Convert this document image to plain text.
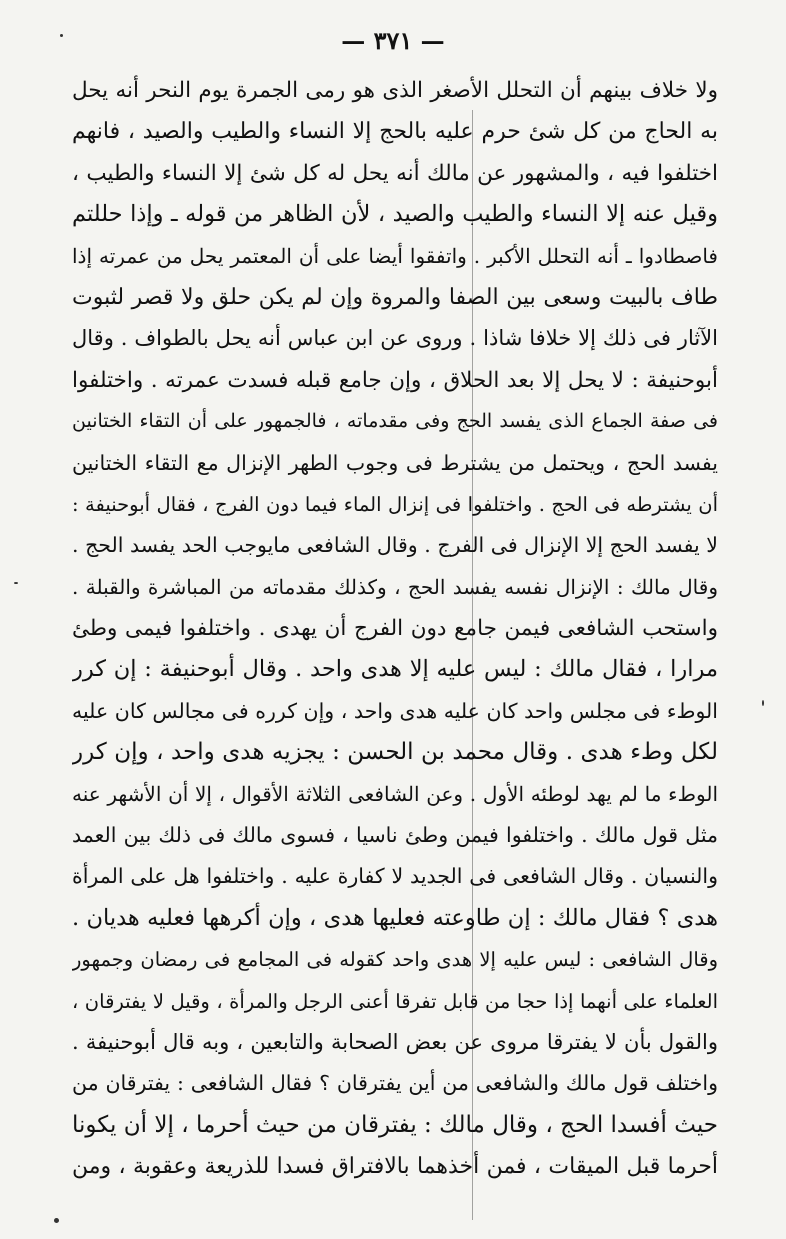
— ٣٧١ —
ولا خلاف بينهم أن التحلل الأصغر الذى هو رمى الجمرة يوم النحر أنه يحل
به الحاج من كل شئ حرم عليه بالحج إلا النساء والطيب والصيد ، فانهم
اختلفوا فيه ، والمشهور عن مالك أنه يحل له كل شئ إلا النساء والطيب ،
وقيل عنه إلا النساء والطيب والصيد ، لأن الظاهر من قوله ـ وإذا حللتم
فاصطادوا ـ أنه التحلل الأكبر . واتفقوا أيضا على أن المعتمر يحل من عمرته إذا
طاف بالبيت وسعى بين الصفا والمروة وإن لم يكن حلق ولا قصر لثبوت
الآثار فى ذلك إلا خلافا شاذا . وروى عن ابن عباس أنه يحل بالطواف . وقال
أبوحنيفة : لا يحل إلا بعد الحلاق ، وإن جامع قبله فسدت عمرته . واختلفوا
فى صفة الجماع الذى يفسد الحج وفى مقدماته ، فالجمهور على أن التقاء الختانين
يفسد الحج ، ويحتمل من يشترط فى وجوب الطهر الإنزال مع التقاء الختانين
أن يشترطه فى الحج . واختلفوا فى إنزال الماء فيما دون الفرج ، فقال أبوحنيفة :
لا يفسد الحج إلا الإنزال فى الفرج . وقال الشافعى مايوجب الحد يفسد الحج .
وقال مالك : الإنزال نفسه يفسد الحج ، وكذلك مقدماته من المباشرة والقبلة .
واستحب الشافعى فيمن جامع دون الفرج أن يهدى . واختلفوا فيمى وطئ
مرارا ، فقال مالك : ليس عليه إلا هدى واحد . وقال أبوحنيفة : إن كرر
الوطء فى مجلس واحد كان عليه هدى واحد ، وإن كرره فى مجالس كان عليه
لكل وطء هدى . وقال محمد بن الحسن : يجزيه هدى واحد ، وإن كرر
الوطء ما لم يهد لوطئه الأول . وعن الشافعى الثلاثة الأقوال ، إلا أن الأشهر عنه
مثل قول مالك . واختلفوا فيمن وطئ ناسيا ، فسوى مالك فى ذلك بين العمد
والنسيان . وقال الشافعى فى الجديد لا كفارة عليه . واختلفوا هل على المرأة
هدى ؟ فقال مالك : إن طاوعته فعليها هدى ، وإن أكرهها فعليه هديان .
وقال الشافعى : ليس عليه إلا هدى واحد كقوله فى المجامع فى رمضان وجمهور
العلماء على أنهما إذا حجا من قابل تفرقا أعنى الرجل والمرأة ، وقيل لا يفترقان ،
والقول بأن لا يفترقا مروى عن بعض الصحابة والتابعين ، وبه قال أبوحنيفة .
واختلف قول مالك والشافعى من أين يفترقان ؟ فقال الشافعى : يفترقان من
حيث أفسدا الحج ، وقال مالك : يفترقان من حيث أحرما ، إلا أن يكونا
أحرما قبل الميقات ، فمن أخذهما بالافتراق فسدا للذريعة وعقوبة ، ومن
